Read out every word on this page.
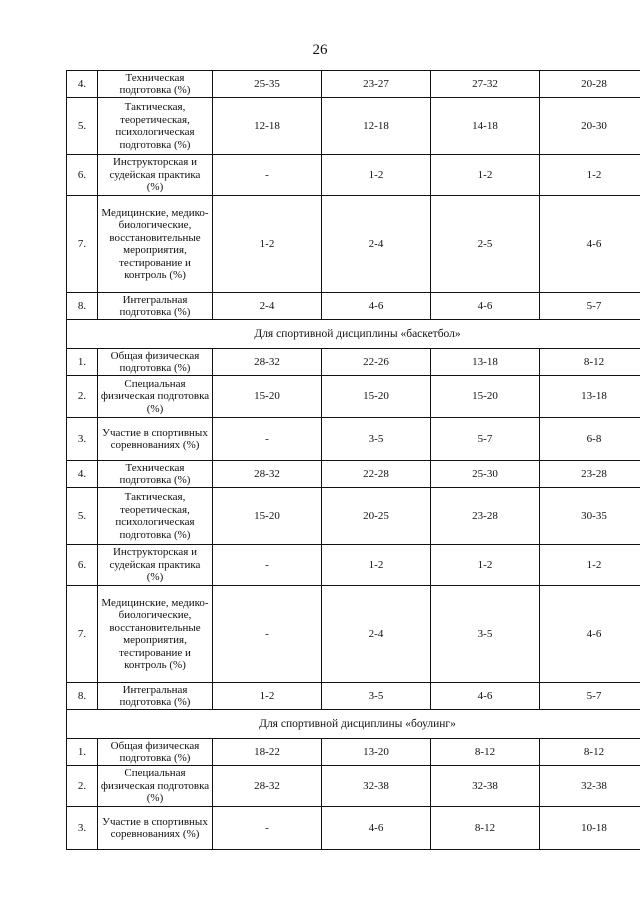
26
4.	Техническая подготовка (%)	25-35	23-27	27-32	20-28
5.	Тактическая, теоретическая, психологическая подготовка (%)	12-18	12-18	14-18	20-30
6.	Инструкторская и судейская практика (%)	-	1-2	1-2	1-2
7.	Медицинские, медико-биологические, восстановительные мероприятия, тестирование и контроль (%)	1-2	2-4	2-5	4-6
8.	Интегральная подготовка (%)	2-4	4-6	4-6	5-7
Для спортивной дисциплины «баскетбол»					
1.	Общая физическая подготовка (%)	28-32	22-26	13-18	8-12
2.	Специальная физическая подготовка (%)	15-20	15-20	15-20	13-18
3.	Участие в спортивных соревнованиях (%)	-	3-5	5-7	6-8
4.	Техническая подготовка (%)	28-32	22-28	25-30	23-28
5.	Тактическая, теоретическая, психологическая подготовка (%)	15-20	20-25	23-28	30-35
6.	Инструкторская и судейская практика (%)	-	1-2	1-2	1-2
7.	Медицинские, медико-биологические, восстановительные мероприятия, тестирование и контроль (%)	-	2-4	3-5	4-6
8.	Интегральная подготовка (%)	1-2	3-5	4-6	5-7
Для спортивной дисциплины «боулинг»					
1.	Общая физическая подготовка (%)	18-22	13-20	8-12	8-12
2.	Специальная физическая подготовка (%)	28-32	32-38	32-38	32-38
3.	Участие в спортивных соревнованиях (%)	-	4-6	8-12	10-18
